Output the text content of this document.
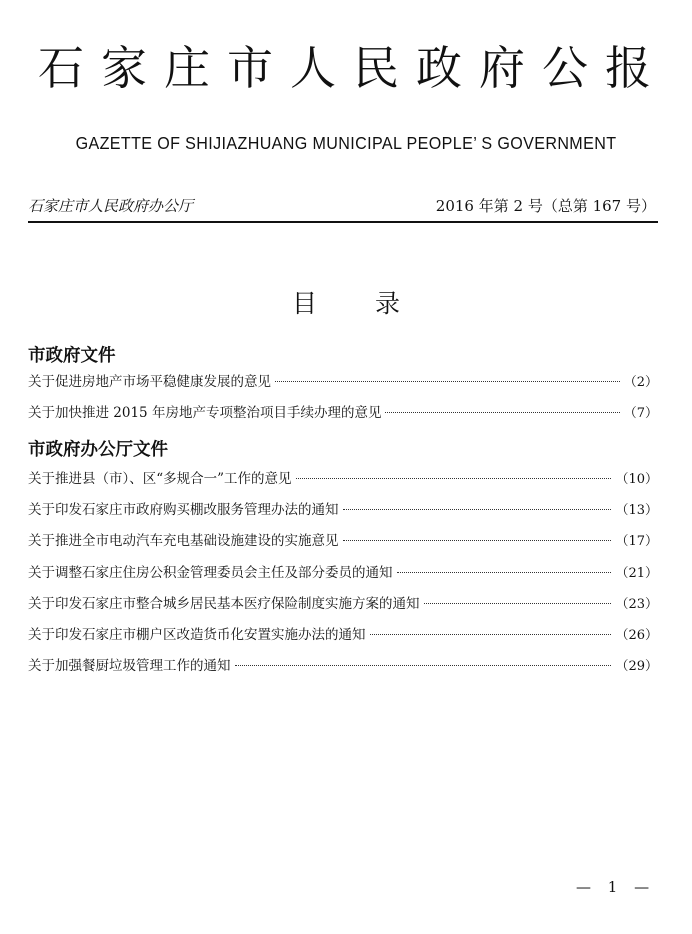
石家庄市人民政府公报
GAZETTE OF SHIJIAZHUANG MUNICIPAL PEOPLE’ S GOVERNMENT
石家庄市人民政府办公厅	2016 年第 2 号（总第 167 号）
目 录
市政府文件
关于促进房地产市场平稳健康发展的意见	（2）
关于加快推进 2015 年房地产专项整治项目手续办理的意见	（7）
市政府办公厅文件
关于推进县（市）、区“多规合一”工作的意见	（10）
关于印发石家庄市政府购买棚改服务管理办法的通知	（13）
关于推进全市电动汽车充电基础设施建设的实施意见	（17）
关于调整石家庄住房公积金管理委员会主任及部分委员的通知	（21）
关于印发石家庄市整合城乡居民基本医疗保险制度实施方案的通知	（23）
关于印发石家庄市棚户区改造货币化安置实施办法的通知	（26）
关于加强餐厨垃圾管理工作的通知	（29）
— 1 —
